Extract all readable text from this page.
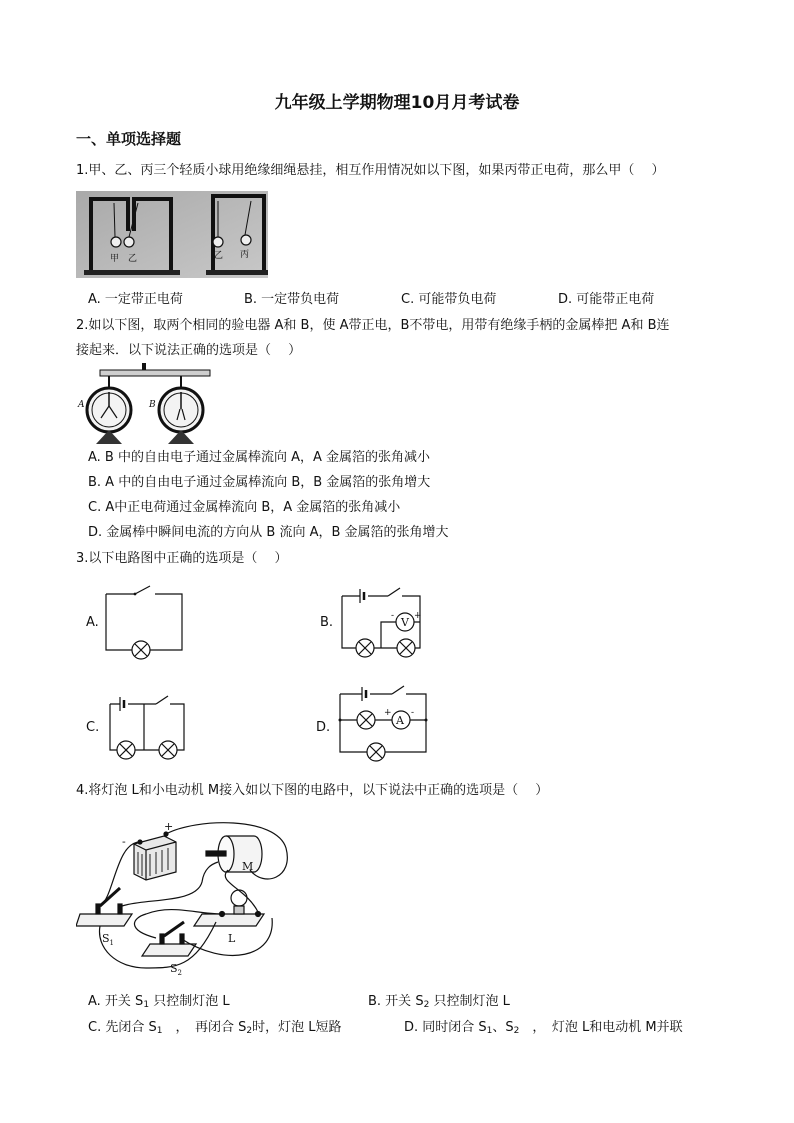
九年级上学期物理10月月考试卷
一、单项选择题
1.甲、乙、丙三个轻质小球用绝缘细绳悬挂，相互作用情况如以下图，如果丙带正电荷，那么甲（　 ）
甲 乙	乙 丙
A. 一定带正电荷	B. 一定带负电荷	C. 可能带负电荷	D. 可能带正电荷
2.如以下图，取两个相同的验电器 A和 B，使 A带正电，B不带电，用带有绝缘手柄的金属棒把 A和 B连
接起来．以下说法正确的选项是（　 ）
A	B
A. B 中的自由电子通过金属棒流向 A，A 金属箔的张角减小
B. A 中的自由电子通过金属棒流向 B，B 金属箔的张角增大
C. A中正电荷通过金属棒流向 B，A 金属箔的张角减小
D. 金属棒中瞬间电流的方向从 B 流向 A，B 金属箔的张角增大
3.以下电路图中正确的选项是（　 ）
A.	B.	V
- +
C.	D.	A
+ -
4.将灯泡 L和小电动机 M接入如以下图的电路中，以下说法中正确的选项是（　 ）
-
+
M
L
$S_1$
$S_2$
A. 开关 $S_1$ 只控制灯泡 L	B. 开关 $S_2$ 只控制灯泡 L
C. 先闭合 $S_1$　，　再闭合 $S_2$时，灯泡 L短路	D. 同时闭合 $S_1$、$S_2$　，　灯泡 L和电动机 M并联
